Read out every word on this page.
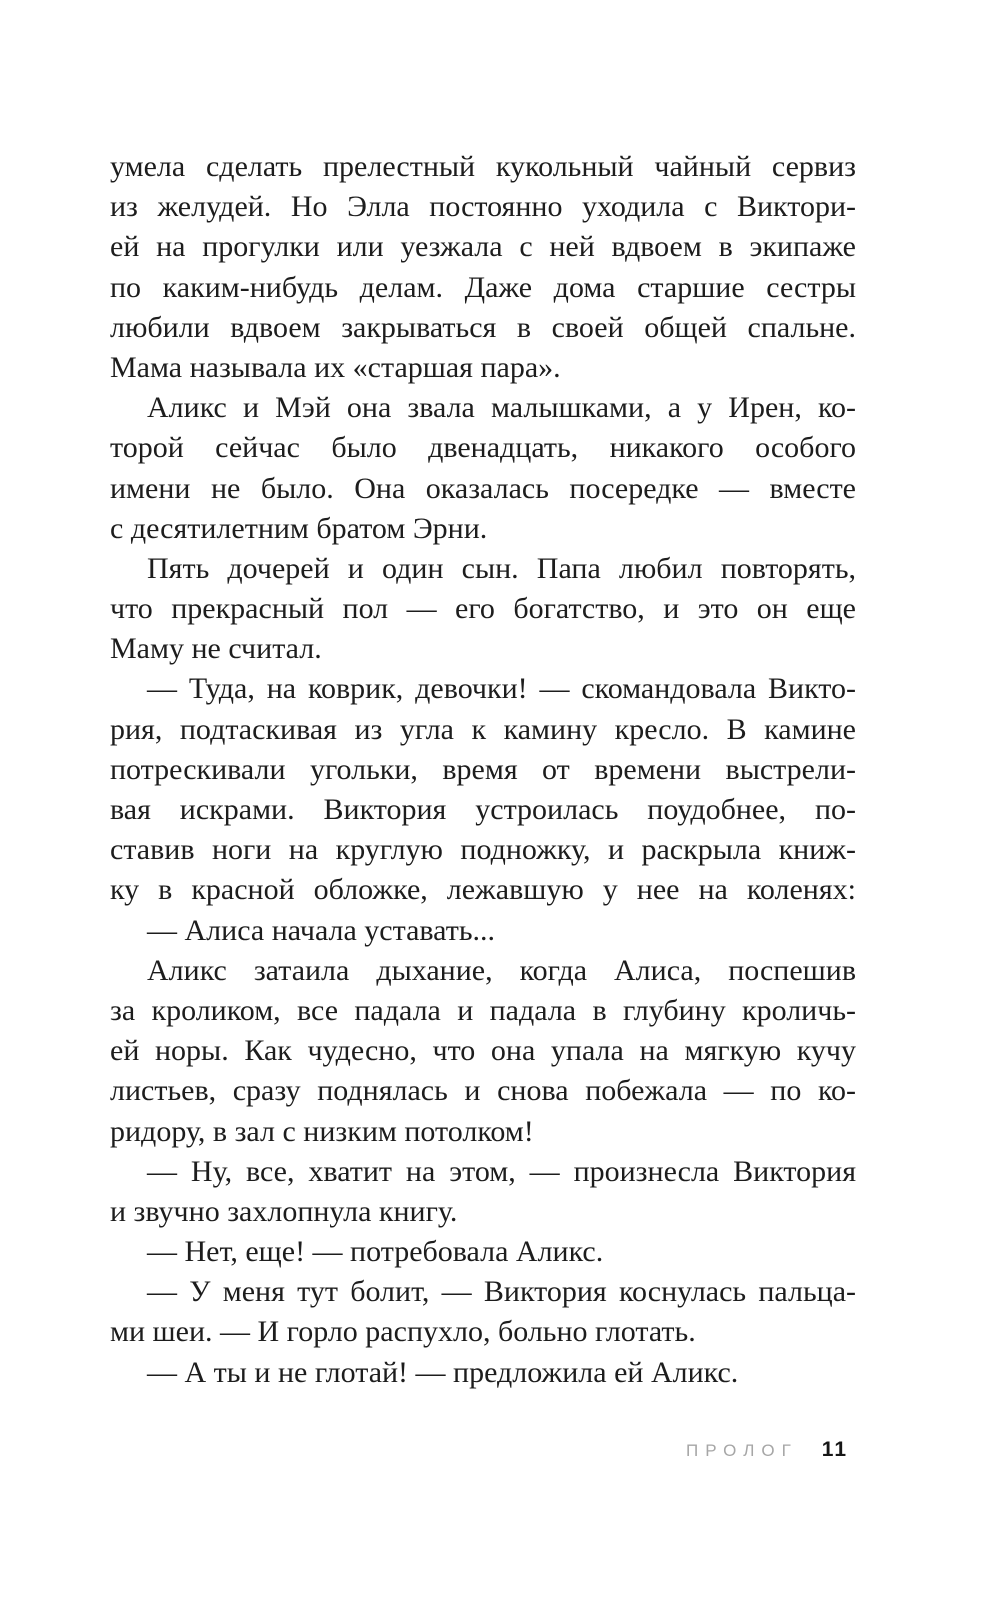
умела сделать прелестный кукольный чайный сервиз
из желудей. Но Элла постоянно уходила с Виктори-
ей на прогулки или уезжала с ней вдвоем в экипаже
по каким-нибудь делам. Даже дома старшие сестры
любили вдвоем закрываться в своей общей спальне.
Мама называла их «старшая пара».
Аликс и Мэй она звала малышками, а у Ирен, ко-
торой сейчас было двенадцать, никакого особого
имени не было. Она оказалась посередке — вместе
с десятилетним братом Эрни.
Пять дочерей и один сын. Папа любил повторять,
что прекрасный пол — его богатство, и это он еще
Маму не считал.
— Туда, на коврик, девочки! — скомандовала Викто-
рия, подтаскивая из угла к камину кресло. В камине
потрескивали угольки, время от времени выстрели-
вая искрами. Виктория устроилась поудобнее, по-
ставив ноги на круглую подножку, и раскрыла книж-
ку в красной обложке, лежавшую у нее на коленях:
— Алиса начала уставать...
Аликс затаила дыхание, когда Алиса, поспешив
за кроликом, все падала и падала в глубину кроличь-
ей норы. Как чудесно, что она упала на мягкую кучу
листьев, сразу поднялась и снова побежала — по ко-
ридору, в зал с низким потолком!
— Ну, все, хватит на этом, — произнесла Виктория
и звучно захлопнула книгу.
— Нет, еще! — потребовала Аликс.
— У меня тут болит, — Виктория коснулась пальца-
ми шеи. — И горло распухло, больно глотать.
— А ты и не глотай! — предложила ей Аликс.
ПРОЛОГ 11
